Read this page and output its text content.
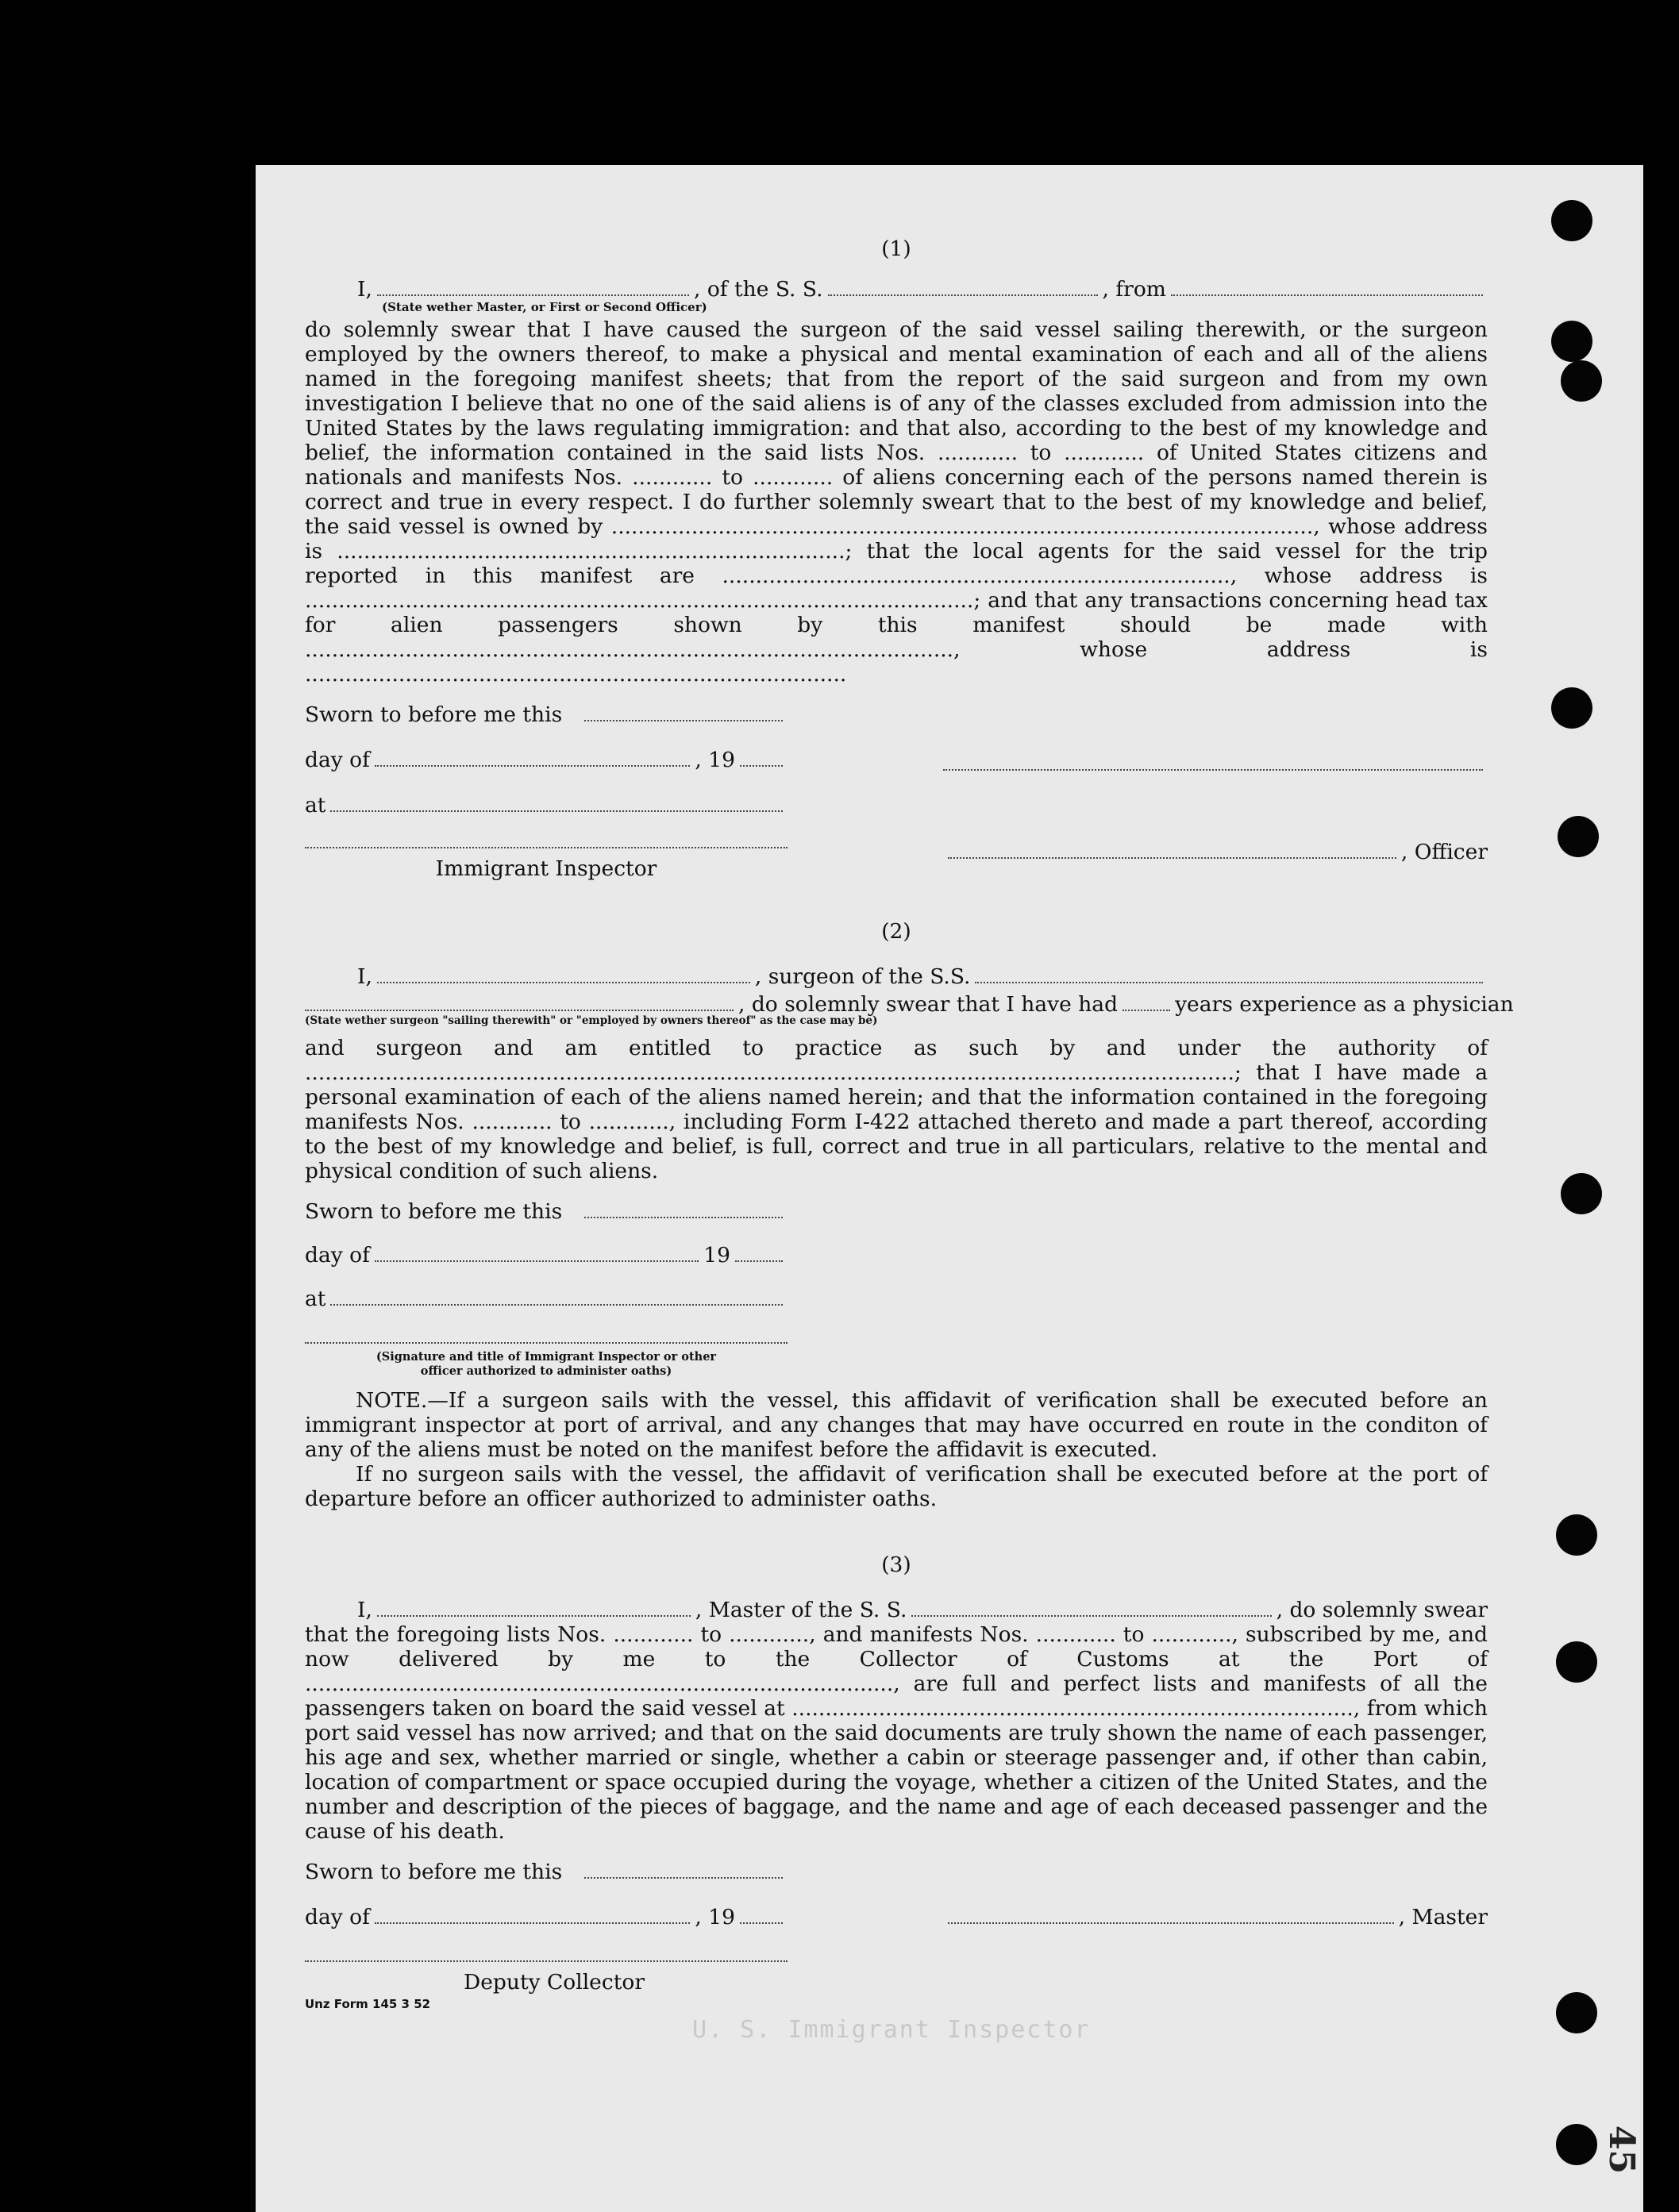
(1)

I,	, of the S. S.	, from
(State wether Master, or First or Second Officer)

do solemnly swear that I have caused the surgeon of the said vessel sailing therewith, or the surgeon employed by the owners thereof, to make a physical and mental examination of each and all of the aliens named in the foregoing manifest sheets; that from the report of the said surgeon and from my own investigation I believe that no one of the said aliens is of any of the classes excluded from admission into the United States by the laws regulating immigration: and that also, according to the best of my knowledge and belief, the information contained in the said lists Nos. ............ to ............ of United States citizens and nationals and manifests Nos. ............ to ............ of aliens concerning each of the persons named therein is correct and true in every respect. I do further solemnly sweart that to the best of my knowledge and belief, the said vessel is owned by ........................................................................................................., whose address is ............................................................................; that the local agents for the said vessel for the trip reported in this manifest are ............................................................................, whose address is ....................................................................................................; and that any transactions concerning head tax for alien passengers shown by this manifest should be made with ................................................................................................., whose address is .................................................................................

Sworn to before me this
day of	, 19
at
Immigrant Inspector
, Officer

(2)

I,	, surgeon of the S.S.
, do solemnly swear that I have had	years experience as a physician
(State wether surgeon "sailing therewith" or "employed by owners thereof" as the case may be)

and surgeon and am entitled to practice as such by and under the authority of ...........................................................................................................................................; that I have made a personal examination of each of the aliens named herein; and that the information contained in the foregoing manifests Nos. ............ to ............, including Form I-422 attached thereto and made a part thereof, according to the best of my knowledge and belief, is full, correct and true in all particulars, relative to the mental and physical condition of such aliens.

Sworn to before me this
day of	19
at
(Signature and title of Immigrant Inspector or other
officer authorized to administer oaths)

NOTE.—If a surgeon sails with the vessel, this affidavit of verification shall be executed before an immigrant inspector at port of arrival, and any changes that may have occurred en route in the conditon of any of the aliens must be noted on the manifest before the affidavit is executed.

If no surgeon sails with the vessel, the affidavit of verification shall be executed before at the port of departure before an officer authorized to administer oaths.

(3)

I,	, Master of the S. S.	, do solemnly swear

that the foregoing lists Nos. ............ to ............, and manifests Nos. ............ to ............, subscribed by me, and now delivered by me to the Collector of Customs at the Port of ........................................................................................, are full and perfect lists and manifests of all the passengers taken on board the said vessel at ...................................................................................., from which port said vessel has now arrived; and that on the said documents are truly shown the name of each passenger, his age and sex, whether married or single, whether a cabin or steerage passenger and, if other than cabin, location of compartment or space occupied during the voyage, whether a citizen of the United States, and the number and description of the pieces of baggage, and the name and age of each deceased passenger and the cause of his death.

Sworn to before me this
day of	, 19	, Master
Deputy Collector
Unz Form 145 3 52
U. S. Immigrant Inspector
45
